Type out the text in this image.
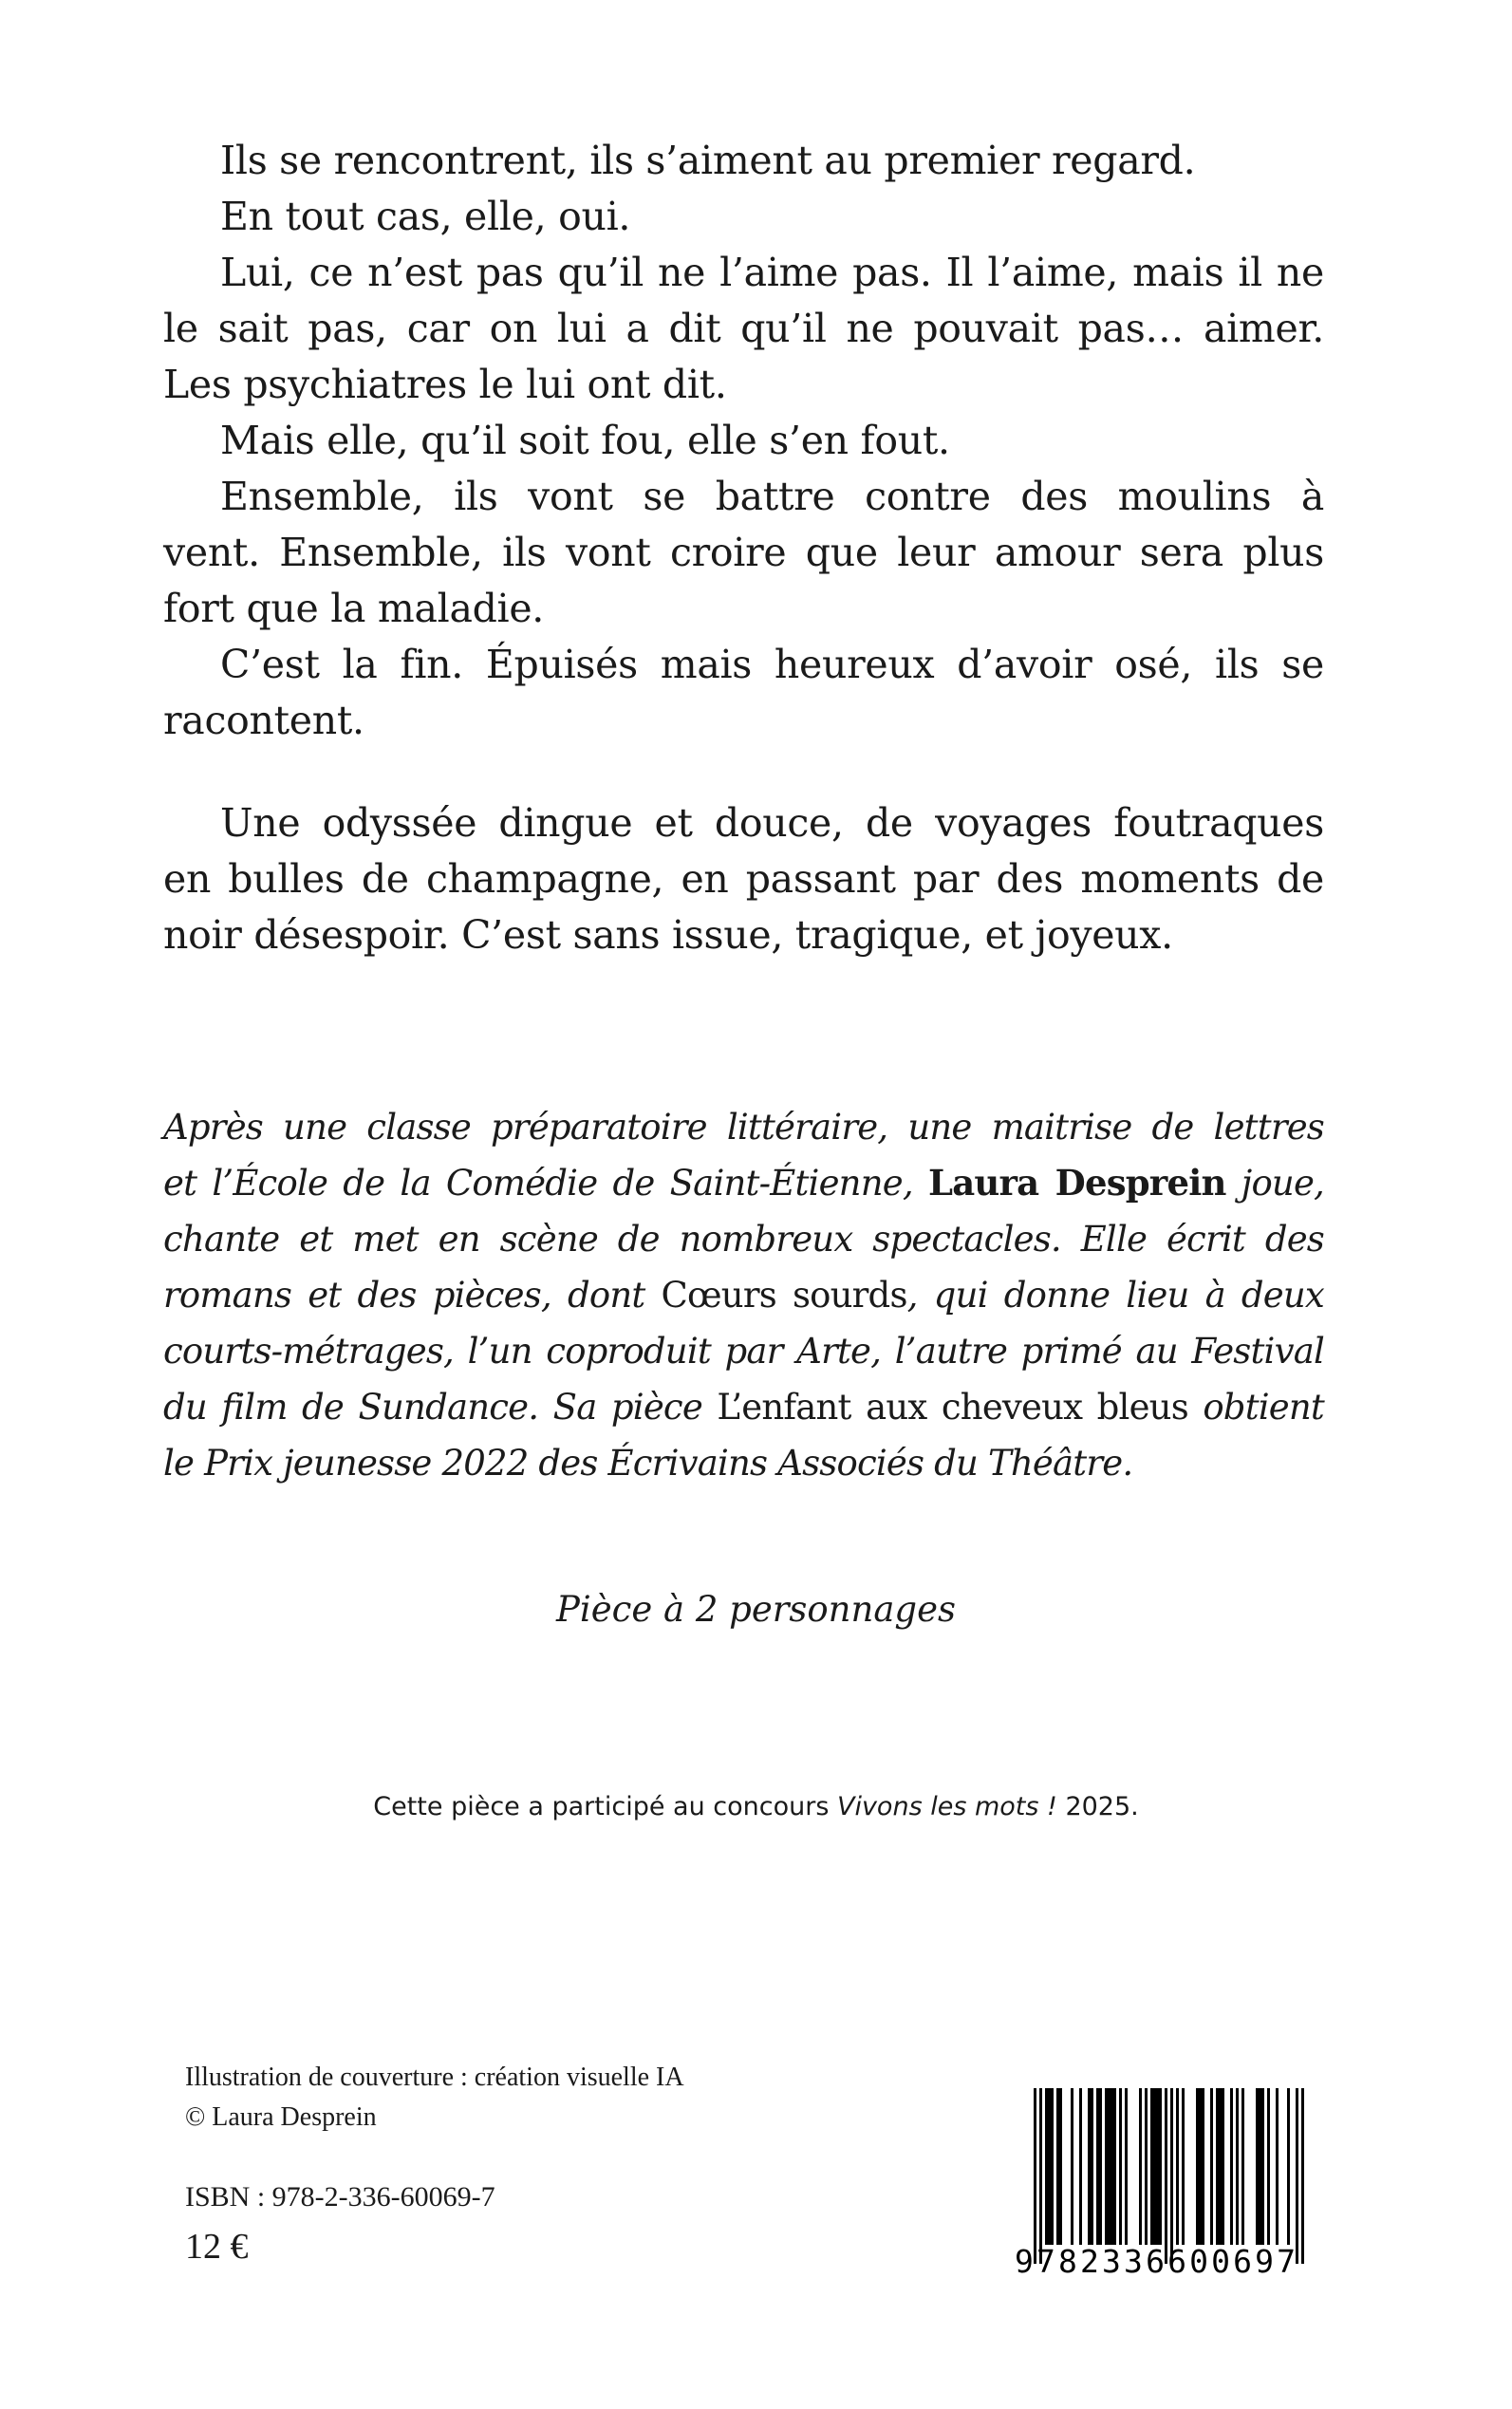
Ils se rencontrent, ils s’aiment au premier regard.
En tout cas, elle, oui.
Lui, ce n’est pas qu’il ne l’aime pas. Il l’aime, mais il ne
le sait pas, car on lui a dit qu’il ne pouvait pas… aimer.
Les psychiatres le lui ont dit.
Mais elle, qu’il soit fou, elle s’en fout.
Ensemble, ils vont se battre contre des moulins à
vent. Ensemble, ils vont croire que leur amour sera plus
fort que la maladie.
C’est la fin. Épuisés mais heureux d’avoir osé, ils se
racontent.
Une odyssée dingue et douce, de voyages foutraques
en bulles de champagne, en passant par des moments de
noir désespoir. C’est sans issue, tragique, et joyeux.
Après une classe préparatoire littéraire, une maitrise de lettres
et l’École de la Comédie de Saint-Étienne, Laura Desprein joue,
chante et met en scène de nombreux spectacles. Elle écrit des
romans et des pièces, dont Cœurs sourds, qui donne lieu à deux
courts-métrages, l’un coproduit par Arte, l’autre primé au Festival
du film de Sundance. Sa pièce L’enfant aux cheveux bleus obtient
le Prix jeunesse 2022 des Écrivains Associés du Théâtre.
Pièce à 2 personnages
Cette pièce a participé au concours Vivons les mots ! 2025.
Illustration de couverture : création visuelle IA
© Laura Desprein
ISBN : 978-2-336-60069-7
12 €	9782336600697
